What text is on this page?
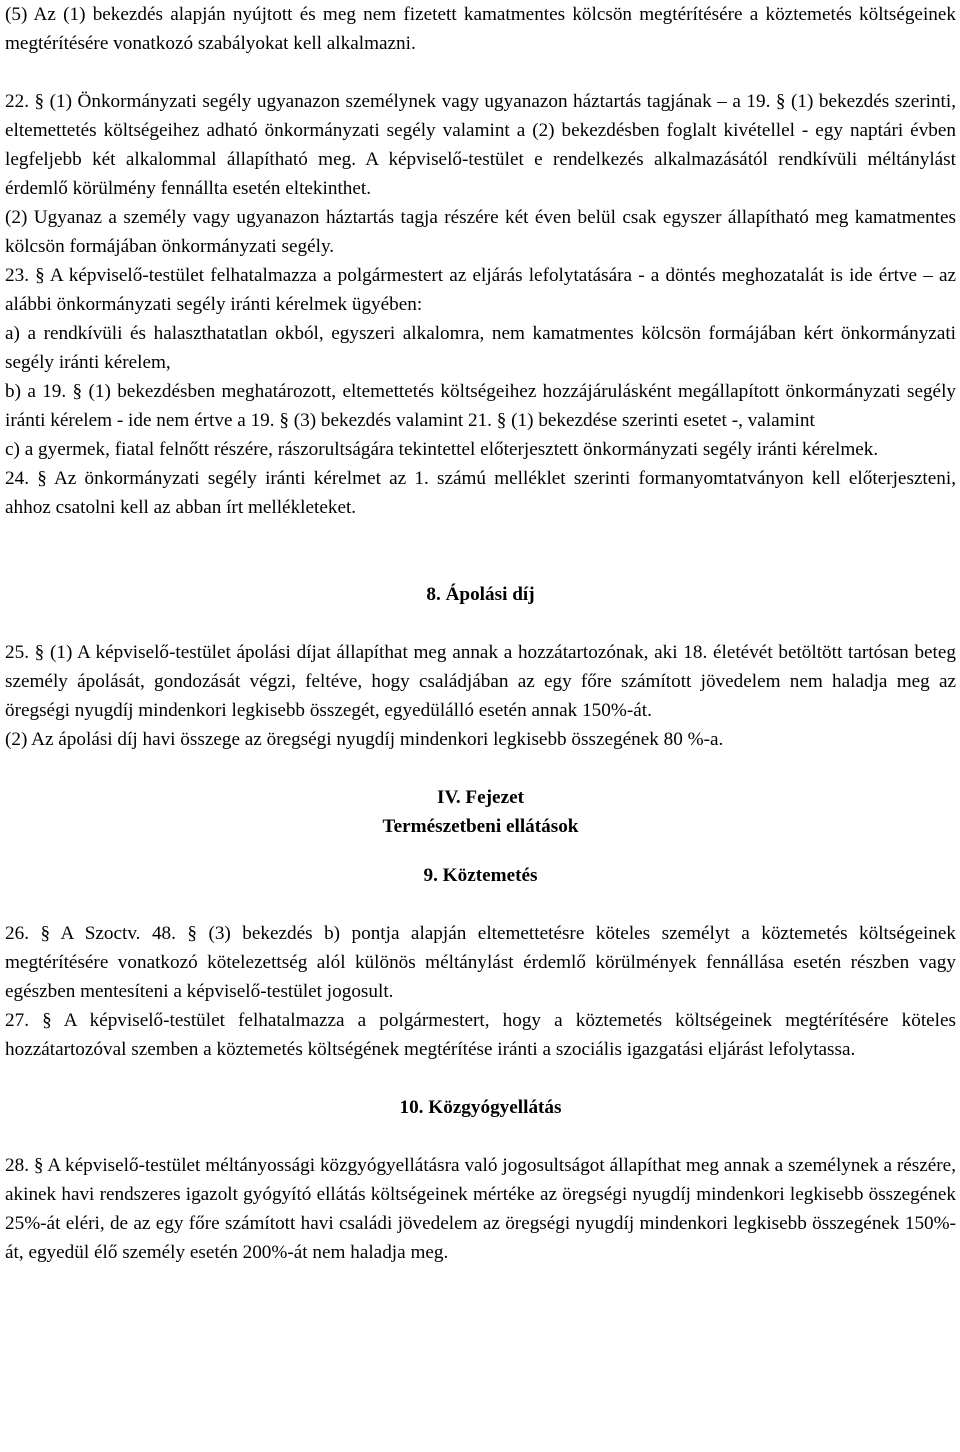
(5) Az (1) bekezdés alapján nyújtott és meg nem fizetett kamatmentes kölcsön megtérítésére a köztemetés költségeinek megtérítésére vonatkozó szabályokat kell alkalmazni.

22. § (1) Önkormányzati segély ugyanazon személynek vagy ugyanazon háztartás tagjának – a 19. § (1) bekezdés szerinti, eltemettetés költségeihez adható önkormányzati segély valamint a (2) bekezdésben foglalt kivétellel - egy naptári évben legfeljebb két alkalommal állapítható meg. A képviselő-testület e rendelkezés alkalmazásától rendkívüli méltánylást érdemlő körülmény fennállta esetén eltekinthet.

(2) Ugyanaz a személy vagy ugyanazon háztartás tagja részére két éven belül csak egyszer állapítható meg kamatmentes kölcsön formájában önkormányzati segély.

23. § A képviselő-testület felhatalmazza a polgármestert az eljárás lefolytatására - a döntés meghozatalát is ide értve – az alábbi önkormányzati segély iránti kérelmek ügyében:

a) a rendkívüli és halaszthatatlan okból, egyszeri alkalomra, nem kamatmentes kölcsön formájában kért önkormányzati segély iránti kérelem,

b) a 19. § (1) bekezdésben meghatározott, eltemettetés költségeihez hozzájárulásként megállapított önkormányzati segély iránti kérelem - ide nem értve a 19. § (3) bekezdés valamint 21. § (1) bekezdése szerinti esetet -, valamint

c) a gyermek, fiatal felnőtt részére, rászorultságára tekintettel előterjesztett önkormányzati segély iránti kérelmek.

24. § Az önkormányzati segély iránti kérelmet az 1. számú melléklet szerinti formanyomtatványon kell előterjeszteni, ahhoz csatolni kell az abban írt mellékleteket.

8. Ápolási díj

25. § (1) A képviselő-testület ápolási díjat állapíthat meg annak a hozzátartozónak, aki 18. életévét betöltött tartósan beteg személy ápolását, gondozását végzi, feltéve, hogy családjában az egy főre számított jövedelem nem haladja meg az öregségi nyugdíj mindenkori legkisebb összegét, egyedülálló esetén annak 150%-át.

(2) Az ápolási díj havi összege az öregségi nyugdíj mindenkori legkisebb összegének 80 %-a.

IV. Fejezet

Természetbeni ellátások

9. Köztemetés

26. § A Szoctv. 48. § (3) bekezdés b) pontja alapján eltemettetésre köteles személyt a köztemetés költségeinek megtérítésére vonatkozó kötelezettség alól különös méltánylást érdemlő körülmények fennállása esetén részben vagy egészben mentesíteni a képviselő-testület jogosult.

27. § A képviselő-testület felhatalmazza a polgármestert, hogy a köztemetés költségeinek megtérítésére köteles hozzátartozóval szemben a köztemetés költségének megtérítése iránti a szociális igazgatási eljárást lefolytassa.

10. Közgyógyellátás

28. § A képviselő-testület méltányossági közgyógyellátásra való jogosultságot állapíthat meg annak a személynek a részére, akinek havi rendszeres igazolt gyógyító ellátás költségeinek mértéke az öregségi nyugdíj mindenkori legkisebb összegének 25%-át eléri, de az egy főre számított havi családi jövedelem az öregségi nyugdíj mindenkori legkisebb összegének 150%-át, egyedül élő személy esetén 200%-át nem haladja meg.
